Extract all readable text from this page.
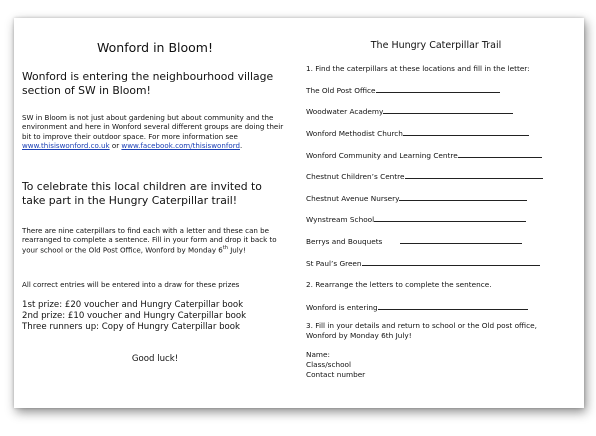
Wonford in Bloom!
Wonford is entering the neighbourhood village section of SW in Bloom!
SW in Bloom is not just about gardening but about community and the environment and here in Wonford several different groups are doing their bit to improve their outdoor space. For more information see www.thisiswonford.co.uk or www.facebook.com/thisiswonford.
To celebrate this local children are invited to take part in the Hungry Caterpillar trail!
There are nine caterpillars to find each with a letter and these can be rearranged to complete a sentence. Fill in your form and drop it back to your school or the Old Post Office, Wonford by Monday 6th July!
All correct entries will be entered into a draw for these prizes
1st prize: £20 voucher and Hungry Caterpillar book
2nd prize: £10 voucher and Hungry Caterpillar book
Three runners up: Copy of Hungry Caterpillar book
Good luck!
The Hungry Caterpillar Trail
1. Find the caterpillars at these locations and fill in the letter:
The Old Post Office
Woodwater Academy
Wonford Methodist Church
Wonford Community and Learning Centre
Chestnut Children’s Centre
Chestnut Avenue Nursery
Wynstream School
Berrys and Bouquets
St Paul’s Green
2. Rearrange the letters to complete the sentence.
Wonford is entering
3. Fill in your details and return to school or the Old post office, Wonford by Monday 6th July!
Name:
Class/school
Contact number
